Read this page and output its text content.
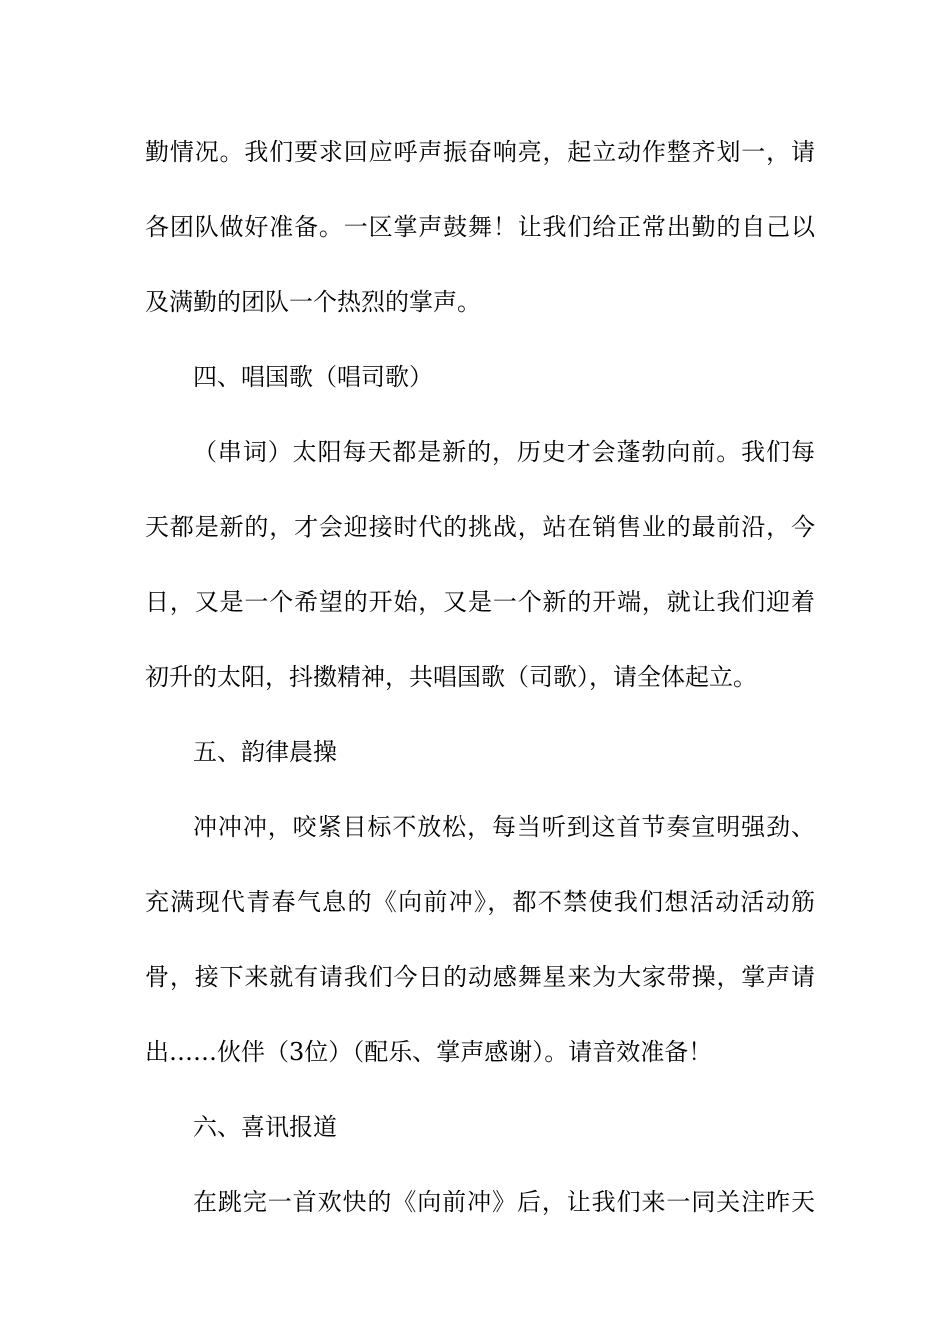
勤情况。我们要求回应呼声振奋响亮，起立动作整齐划一，请
各团队做好准备。一区掌声鼓舞！让我们给正常出勤的自己以
及满勤的团队一个热烈的掌声。
四、唱国歌（唱司歌）
（串词）太阳每天都是新的，历史才会蓬勃向前。我们每
天都是新的，才会迎接时代的挑战，站在销售业的最前沿，今
日，又是一个希望的开始，又是一个新的开端，就让我们迎着
初升的太阳，抖擞精神，共唱国歌（司歌），请全体起立。
五、韵律晨操
冲冲冲，咬紧目标不放松，每当听到这首节奏宣明强劲、
充满现代青春气息的《向前冲》，都不禁使我们想活动活动筋
骨，接下来就有请我们今日的动感舞星来为大家带操，掌声请
出……伙伴（3位）（配乐、掌声感谢）。请音效准备！
六、喜讯报道
在跳完一首欢快的《向前冲》后，让我们来一同关注昨天
